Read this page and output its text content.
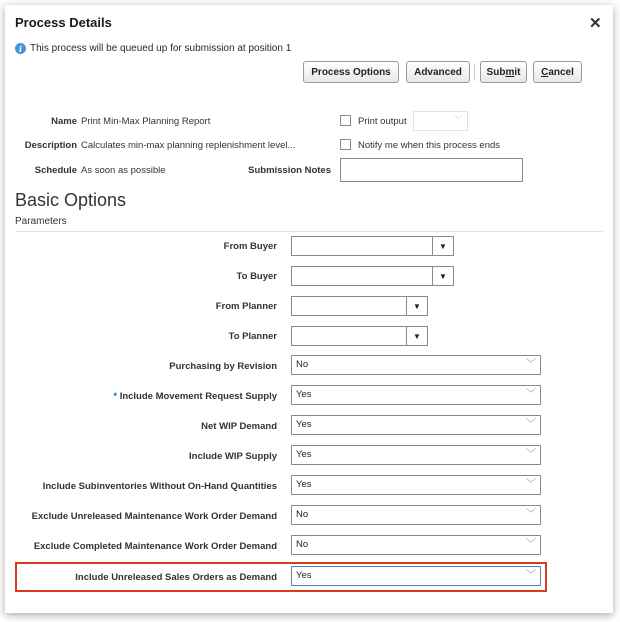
Process Details	✕
i This process will be queued up for submission at position 1
Process Options	Advanced	Sub m it C ancel
Name Print Min-Max Planning Report
Description Calculates min-max planning replenishment level...
Schedule As soon as possible
Print output	﹀
Notify me when this process ends
Submission Notes
Basic Options
Parameters
From Buyer	▼
To Buyer	▼
From Planner	▼
To Planner	▼
Purchasing by Revision	No	﹀
* Include Movement Request Supply	Yes	﹀
Net WIP Demand	Yes	﹀
Include WIP Supply	Yes	﹀
Include Subinventories Without On-Hand Quantities	Yes	﹀
Exclude Unreleased Maintenance Work Order Demand	No	﹀
Exclude Completed Maintenance Work Order Demand	No	﹀
Include Unreleased Sales Orders as Demand	Yes	﹀
